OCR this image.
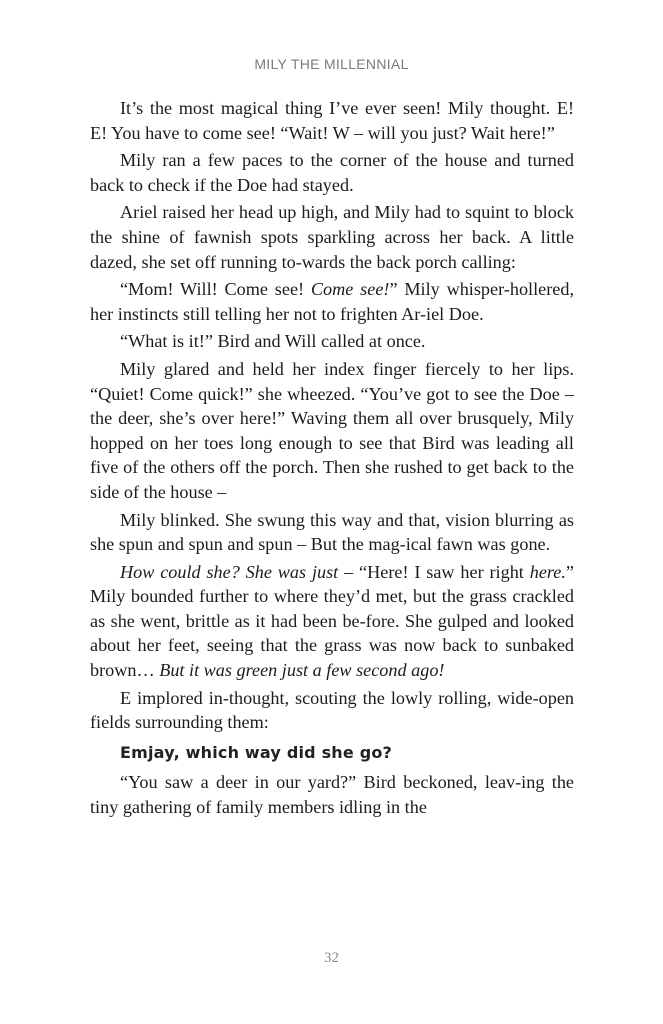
MILY THE MILLENNIAL

It’s the most magical thing I’ve ever seen! Mily thought. E! E! You have to come see! “Wait! W – will you just? Wait here!”

Mily ran a few paces to the corner of the house and turned back to check if the Doe had stayed.

Ariel raised her head up high, and Mily had to squint to block the shine of fawnish spots sparkling across her back. A little dazed, she set off running to-wards the back porch calling:

“Mom! Will! Come see! Come see!” Mily whisper-hollered, her instincts still telling her not to frighten Ar-iel Doe.

“What is it!” Bird and Will called at once.

Mily glared and held her index finger fiercely to her lips. “Quiet! Come quick!” she wheezed. “You’ve got to see the Doe – the deer, she’s over here!” Waving them all over brusquely, Mily hopped on her toes long enough to see that Bird was leading all five of the others off the porch. Then she rushed to get back to the side of the house –

Mily blinked. She swung this way and that, vision blurring as she spun and spun and spun – But the mag-ical fawn was gone.

How could she? She was just – “Here! I saw her right here.” Mily bounded further to where they’d met, but the grass crackled as she went, brittle as it had been be-fore. She gulped and looked about her feet, seeing that the grass was now back to sunbaked brown… But it was green just a few second ago!

E implored in-thought, scouting the lowly rolling, wide-open fields surrounding them:

Emjay, which way did she go?

“You saw a deer in our yard?” Bird beckoned, leav-ing the tiny gathering of family members idling in the

32
